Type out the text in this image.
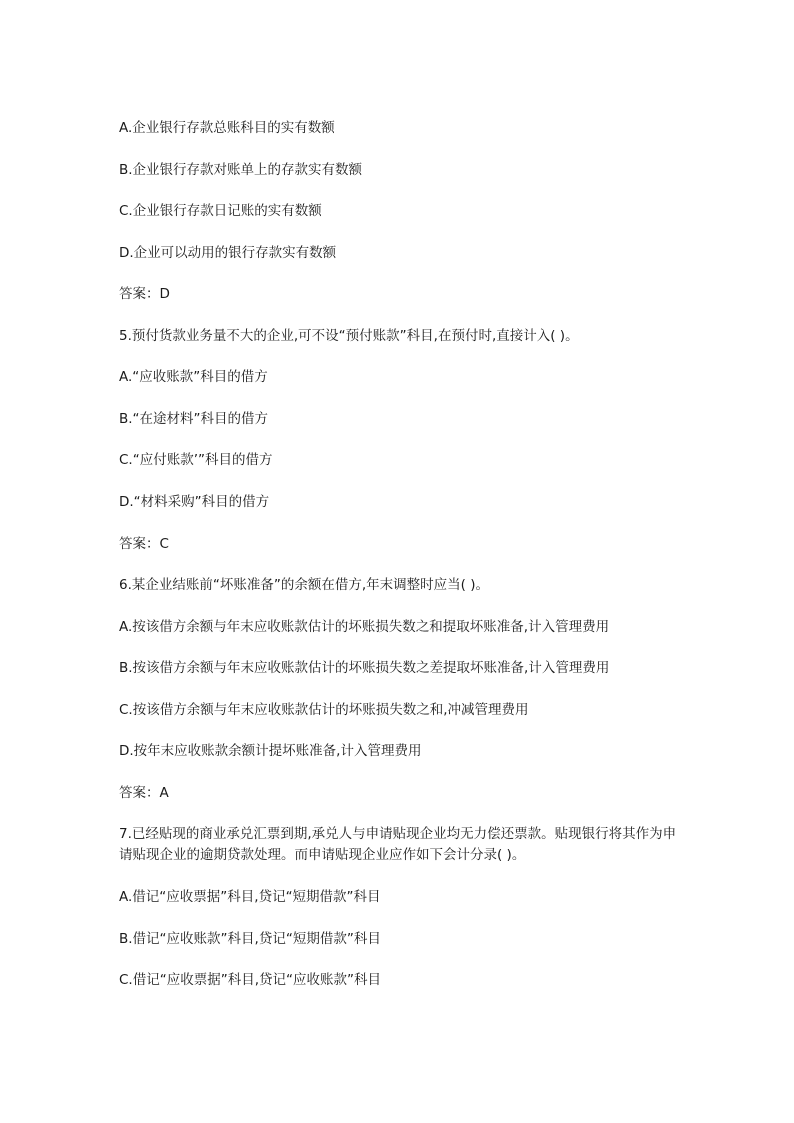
A.企业银行存款总账科目的实有数额
B.企业银行存款对账单上的存款实有数额
C.企业银行存款日记账的实有数额
D.企业可以动用的银行存款实有数额
答案：D
5.预付货款业务量不大的企业,可不设“预付账款”科目,在预付时,直接计入( )。
A.“应收账款”科目的借方
B.“在途材料”科目的借方
C.“应付账款’”科目的借方
D.“材料采购”科目的借方
答案：C
6.某企业结账前“坏账准备”的余额在借方,年末调整时应当( )。
A.按该借方余额与年末应收账款估计的坏账损失数之和提取坏账准备,计入管理费用
B.按该借方余额与年末应收账款估计的坏账损失数之差提取坏账准备,计入管理费用
C.按该借方余额与年末应收账款估计的坏账损失数之和,冲减管理费用
D.按年末应收账款余额计提坏账准备,计入管理费用
答案：A
7.已经贴现的商业承兑汇票到期,承兑人与申请贴现企业均无力偿还票款。贴现银行将其作为申请贴现企业的逾期贷款处理。而申请贴现企业应作如下会计分录( )。
A.借记“应收票据”科目,贷记“短期借款”科目
B.借记“应收账款”科目,贷记“短期借款”科目
C.借记“应收票据”科目,贷记“应收账款”科目
